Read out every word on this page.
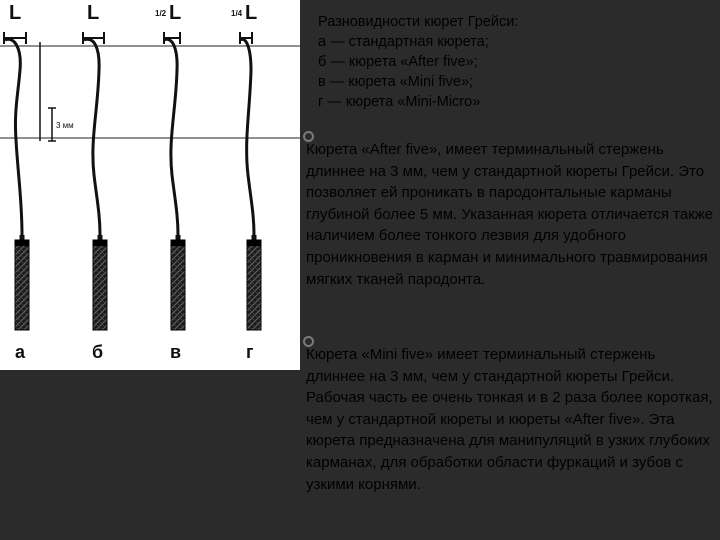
L	L	L	L
1/2	1/4
3 мм
а	б	в	г
Разновидности кюрет Грейси:
а — стандартная кюрета;
б — кюрета «After five»;
в — кюрета «Mini five»;
г — кюрета «Mini-Micro»
Кюрета «After five», имеет терминальный стержень длиннее на 3 мм, чем у стандартной кюреты Грейси. Это позволяет ей проникать в пародонтальные карманы глубиной более 5 мм. Указанная кюрета отличается также наличием более тонкого лезвия для удобного проникновения в карман и минимального травмирования мягких тканей пародонта.
Кюрета «Mini five» имеет терминальный стержень длиннее на 3 мм, чем у стандартной кюреты Грейси. Рабочая часть ее очень тонкая и в 2 раза более короткая, чем у стандартной кюреты и кюреты «After five». Эта кюрета предназначена для манипуляций в узких глубоких карманах, для обработки области фуркаций и зубов с узкими корнями.
